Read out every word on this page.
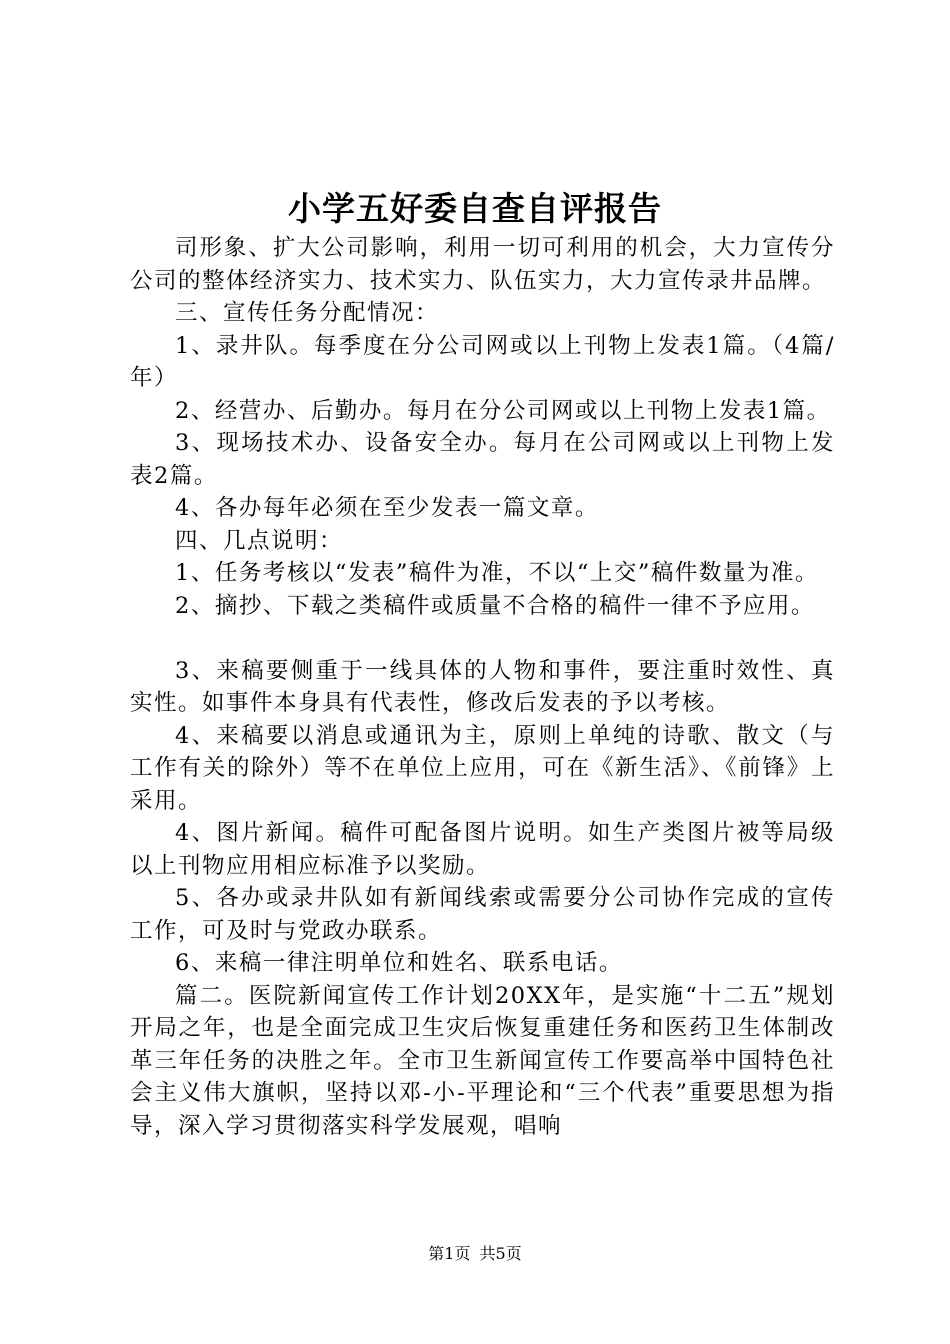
小学五好委自查自评报告

司形象、扩大公司影响，利用一切可利用的机会，大力宣传分公司的整体经济实力、技术实力、队伍实力，大力宣传录井品牌。

三、宣传任务分配情况：

1、录井队。每季度在分公司网或以上刊物上发表1篇。（4篇/年）

2、经营办、后勤办。每月在分公司网或以上刊物上发表1篇。

3、现场技术办、设备安全办。每月在公司网或以上刊物上发表2篇。

4、各办每年必须在至少发表一篇文章。

四、几点说明：

1、任务考核以“发表”稿件为准，不以“上交”稿件数量为准。

2、摘抄、下载之类稿件或质量不合格的稿件一律不予应用。

3、来稿要侧重于一线具体的人物和事件，要注重时效性、真实性。如事件本身具有代表性，修改后发表的予以考核。

4、来稿要以消息或通讯为主，原则上单纯的诗歌、散文（与工作有关的除外）等不在单位上应用，可在《新生活》、《前锋》上采用。

4、图片新闻。稿件可配备图片说明。如生产类图片被等局级以上刊物应用相应标准予以奖励。

5、各办或录井队如有新闻线索或需要分公司协作完成的宣传工作，可及时与党政办联系。

6、来稿一律注明单位和姓名、联系电话。

篇二。医院新闻宣传工作计划20XX年，是实施“十二五”规划开局之年，也是全面完成卫生灾后恢复重建任务和医药卫生体制改革三年任务的决胜之年。全市卫生新闻宣传工作要高举中国特色社会主义伟大旗帜，坚持以邓-小-平理论和“三个代表”重要思想为指导，深入学习贯彻落实科学发展观，唱响

第1页 共5页
